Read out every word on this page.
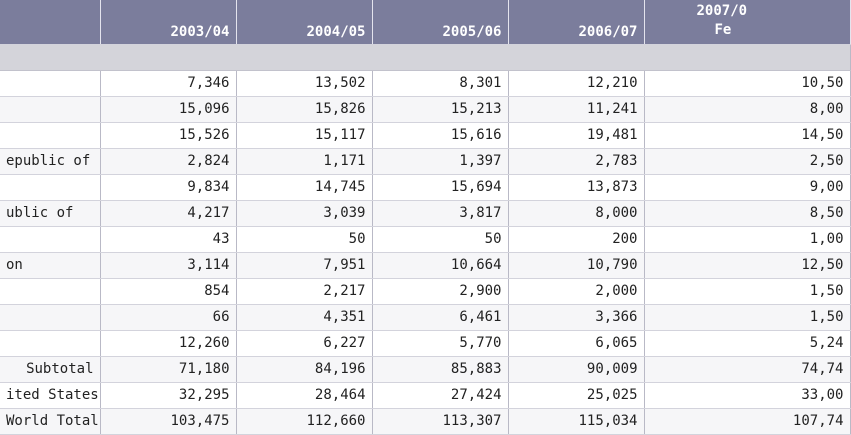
	2003/04	2004/05	2005/06	2006/07	2007/0
Fe

	7,346	13,502	8,301	12,210	10,50
	15,096	15,826	15,213	11,241	8,00
	15,526	15,117	15,616	19,481	14,50
epublic of	2,824	1,171	1,397	2,783	2,50
	9,834	14,745	15,694	13,873	9,00
ublic of	4,217	3,039	3,817	8,000	8,50
	43	50	50	200	1,00
on	3,114	7,951	10,664	10,790	12,50
	854	2,217	2,900	2,000	1,50
	66	4,351	6,461	3,366	1,50
	12,260	6,227	5,770	6,065	5,24
Subtotal	71,180	84,196	85,883	90,009	74,74
ited States	32,295	28,464	27,424	25,025	33,00
World Total	103,475	112,660	113,307	115,034	107,74
